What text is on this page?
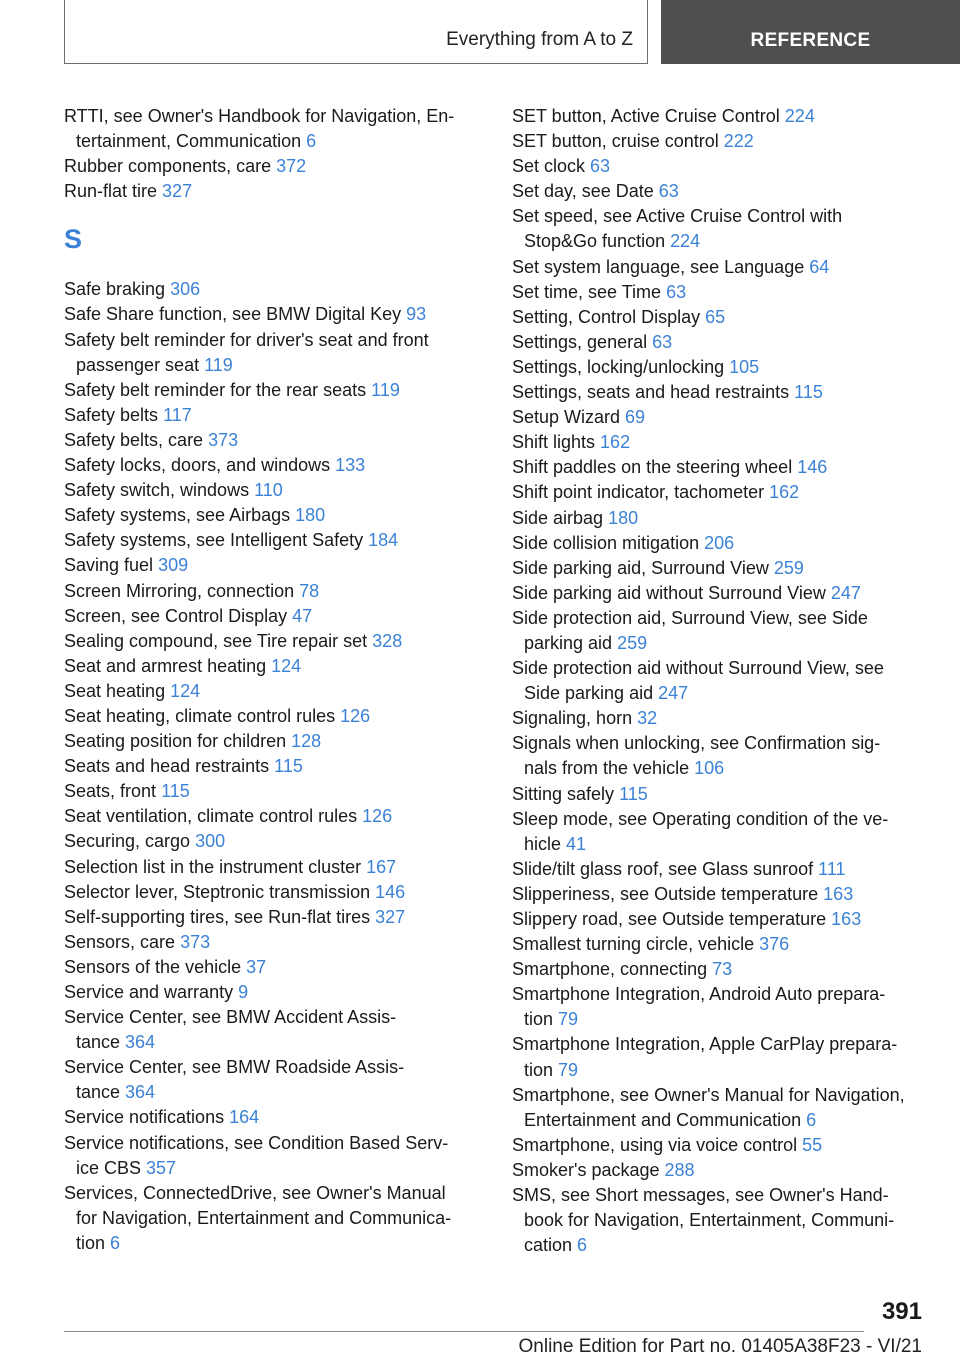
Everything from A to Z	REFERENCE
RTTI, see Owner's Handbook for Navigation, En-
tertainment, Communication 6
Rubber components, care 372
Run-flat tire 327
S
Safe braking 306
Safe Share function, see BMW Digital Key 93
Safety belt reminder for driver's seat and front
passenger seat 119
Safety belt reminder for the rear seats 119
Safety belts 117
Safety belts, care 373
Safety locks, doors, and windows 133
Safety switch, windows 110
Safety systems, see Airbags 180
Safety systems, see Intelligent Safety 184
Saving fuel 309
Screen Mirroring, connection 78
Screen, see Control Display 47
Sealing compound, see Tire repair set 328
Seat and armrest heating 124
Seat heating 124
Seat heating, climate control rules 126
Seating position for children 128
Seats and head restraints 115
Seats, front 115
Seat ventilation, climate control rules 126
Securing, cargo 300
Selection list in the instrument cluster 167
Selector lever, Steptronic transmission 146
Self-supporting tires, see Run-flat tires 327
Sensors, care 373
Sensors of the vehicle 37
Service and warranty 9
Service Center, see BMW Accident Assis-
tance 364
Service Center, see BMW Roadside Assis-
tance 364
Service notifications 164
Service notifications, see Condition Based Serv-
ice CBS 357
Services, ConnectedDrive, see Owner's Manual
for Navigation, Entertainment and Communica-
tion 6
SET button, Active Cruise Control 224
SET button, cruise control 222
Set clock 63
Set day, see Date 63
Set speed, see Active Cruise Control with
Stop&Go function 224
Set system language, see Language 64
Set time, see Time 63
Setting, Control Display 65
Settings, general 63
Settings, locking/unlocking 105
Settings, seats and head restraints 115
Setup Wizard 69
Shift lights 162
Shift paddles on the steering wheel 146
Shift point indicator, tachometer 162
Side airbag 180
Side collision mitigation 206
Side parking aid, Surround View 259
Side parking aid without Surround View 247
Side protection aid, Surround View, see Side
parking aid 259
Side protection aid without Surround View, see
Side parking aid 247
Signaling, horn 32
Signals when unlocking, see Confirmation sig-
nals from the vehicle 106
Sitting safely 115
Sleep mode, see Operating condition of the ve-
hicle 41
Slide/tilt glass roof, see Glass sunroof 111
Slipperiness, see Outside temperature 163
Slippery road, see Outside temperature 163
Smallest turning circle, vehicle 376
Smartphone, connecting 73
Smartphone Integration, Android Auto prepara-
tion 79
Smartphone Integration, Apple CarPlay prepara-
tion 79
Smartphone, see Owner's Manual for Navigation,
Entertainment and Communication 6
Smartphone, using via voice control 55
Smoker's package 288
SMS, see Short messages, see Owner's Hand-
book for Navigation, Entertainment, Communi-
cation 6
391
Online Edition for Part no. 01405A38F23 - VI/21
